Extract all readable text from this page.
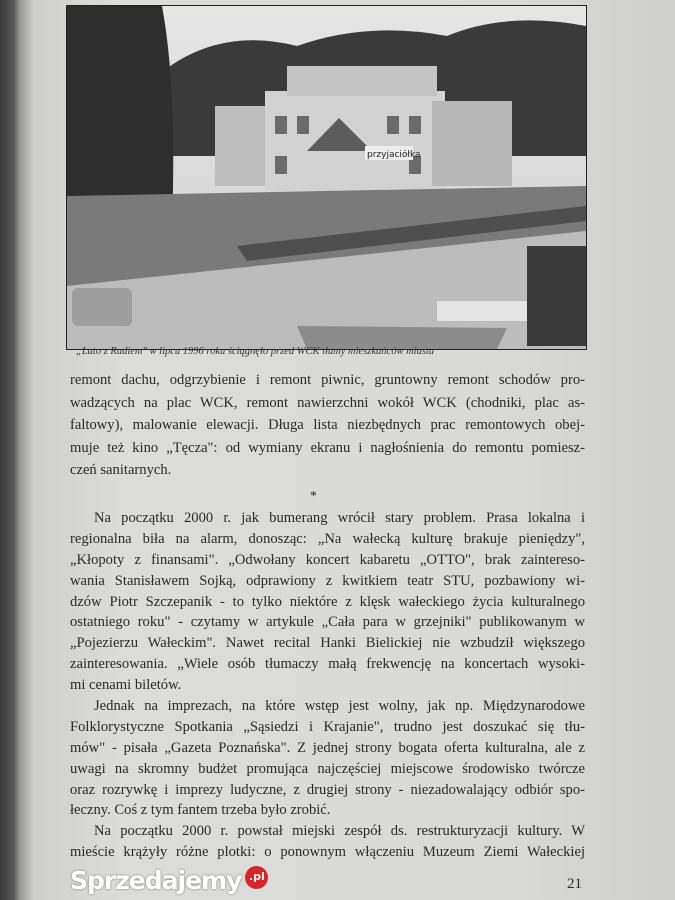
przyjaciółka
„Lato z Radiem" w lipcu 1996 roku ściągnęło przed WCK tłumy mieszkańców miasta
remont dachu, odgrzybienie i remont piwnic, gruntowny remont schodów pro-
wadzących na plac WCK, remont nawierzchni wokół WCK (chodniki, plac as-
faltowy), malowanie elewacji. Długa lista niezbędnych prac remontowych obej-
muje też kino „Tęcza": od wymiany ekranu i nagłośnienia do remontu pomiesz-
czeń sanitarnych.
*
Na początku 2000 r. jak bumerang wrócił stary problem. Prasa lokalna i
regionalna biła na alarm, donosząc: „Na wałecką kulturę brakuje pieniędzy",
„Kłopoty z finansami". „Odwołany koncert kabaretu „OTTO", brak zaintereso-
wania Stanisławem Sojką, odprawiony z kwitkiem teatr STU, pozbawiony wi-
dzów Piotr Szczepanik - to tylko niektóre z klęsk wałeckiego życia kulturalnego
ostatniego roku" - czytamy w artykule „Cała para w grzejniki" publikowanym w
„Pojezierzu Wałeckim". Nawet recital Hanki Bielickiej nie wzbudził większego
zainteresowania. „Wiele osób tłumaczy małą frekwencję na koncertach wysoki-
mi cenami biletów.
Jednak na imprezach, na które wstęp jest wolny, jak np. Międzynarodowe
Folklorystyczne Spotkania „Sąsiedzi i Krajanie", trudno jest doszukać się tłu-
mów" - pisała „Gazeta Poznańska". Z jednej strony bogata oferta kulturalna, ale z
uwagi na skromny budżet promująca najczęściej miejscowe środowisko twórcze
oraz rozrywkę i imprezy ludyczne, z drugiej strony - niezadowalający odbiór spo-
łeczny. Coś z tym fantem trzeba było zrobić.
Na początku 2000 r. powstał miejski zespół ds. restrukturyzacji kultury. W
mieście krążyły różne plotki: o ponownym włączeniu Muzeum Ziemi Wałeckiej
Sprzedajemy .pl	21
